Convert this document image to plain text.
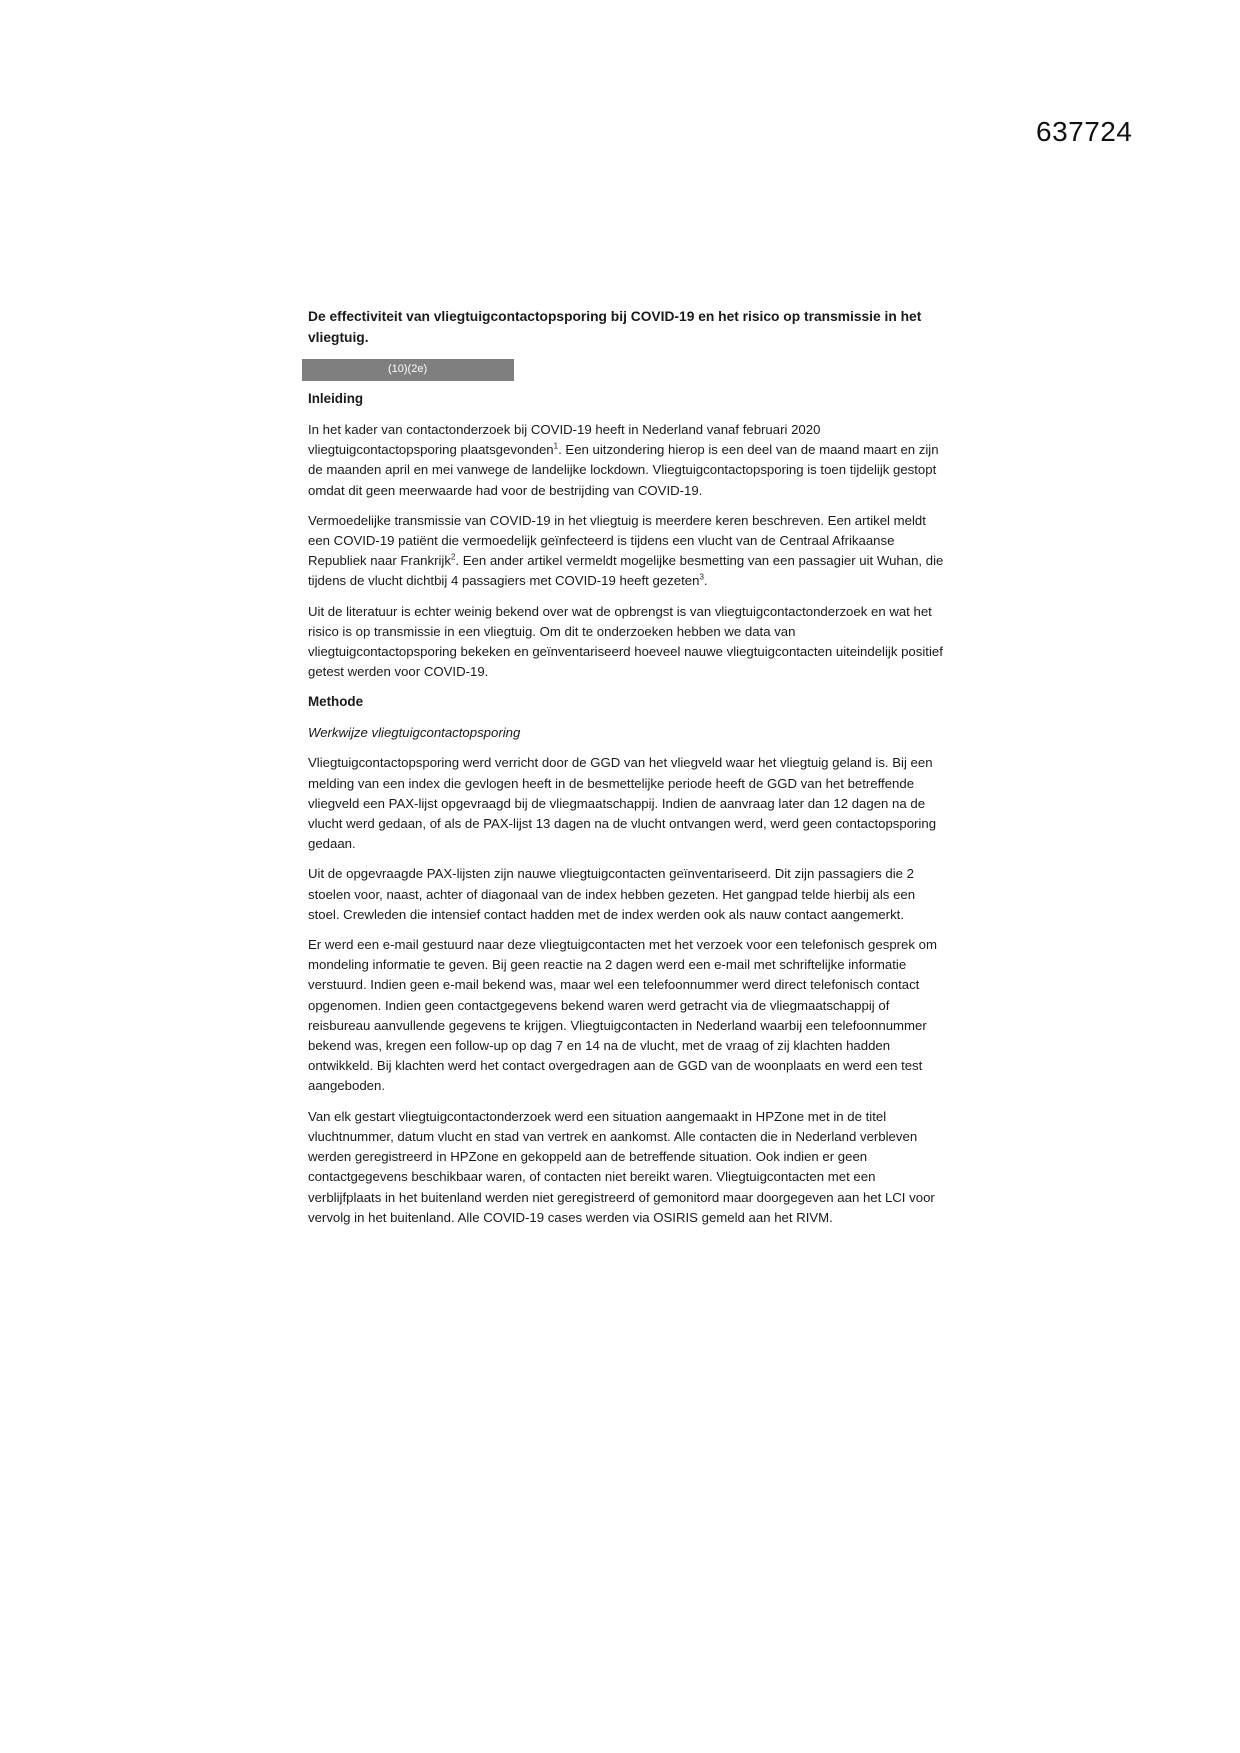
637724
De effectiviteit van vliegtuigcontactopsporing bij COVID-19 en het risico op transmissie in het vliegtuig.
(10)(2e)
Inleiding

In het kader van contactonderzoek bij COVID-19 heeft in Nederland vanaf februari 2020 vliegtuigcontactopsporing plaatsgevonden$^1$. Een uitzondering hierop is een deel van de maand maart en zijn de maanden april en mei vanwege de landelijke lockdown. Vliegtuigcontactopsporing is toen tijdelijk gestopt omdat dit geen meerwaarde had voor de bestrijding van COVID-19.

Vermoedelijke transmissie van COVID-19 in het vliegtuig is meerdere keren beschreven. Een artikel meldt een COVID-19 patiënt die vermoedelijk geïnfecteerd is tijdens een vlucht van de Centraal Afrikaanse Republiek naar Frankrijk$^2$. Een ander artikel vermeldt mogelijke besmetting van een passagier uit Wuhan, die tijdens de vlucht dichtbij 4 passagiers met COVID-19 heeft gezeten$^3$.

Uit de literatuur is echter weinig bekend over wat de opbrengst is van vliegtuigcontactonderzoek en wat het risico is op transmissie in een vliegtuig. Om dit te onderzoeken hebben we data van vliegtuigcontactopsporing bekeken en geïnventariseerd hoeveel nauwe vliegtuigcontacten uiteindelijk positief getest werden voor COVID-19.

Methode
Werkwijze vliegtuigcontactopsporing

Vliegtuigcontactopsporing werd verricht door de GGD van het vliegveld waar het vliegtuig geland is. Bij een melding van een index die gevlogen heeft in de besmettelijke periode heeft de GGD van het betreffende vliegveld een PAX-lijst opgevraagd bij de vliegmaatschappij. Indien de aanvraag later dan 12 dagen na de vlucht werd gedaan, of als de PAX-lijst 13 dagen na de vlucht ontvangen werd, werd geen contactopsporing gedaan.

Uit de opgevraagde PAX-lijsten zijn nauwe vliegtuigcontacten geïnventariseerd. Dit zijn passagiers die 2 stoelen voor, naast, achter of diagonaal van de index hebben gezeten. Het gangpad telde hierbij als een stoel. Crewleden die intensief contact hadden met de index werden ook als nauw contact aangemerkt.

Er werd een e-mail gestuurd naar deze vliegtuigcontacten met het verzoek voor een telefonisch gesprek om mondeling informatie te geven. Bij geen reactie na 2 dagen werd een e-mail met schriftelijke informatie verstuurd. Indien geen e-mail bekend was, maar wel een telefoonnummer werd direct telefonisch contact opgenomen. Indien geen contactgegevens bekend waren werd getracht via de vliegmaatschappij of reisbureau aanvullende gegevens te krijgen. Vliegtuigcontacten in Nederland waarbij een telefoonnummer bekend was, kregen een follow-up op dag 7 en 14 na de vlucht, met de vraag of zij klachten hadden ontwikkeld. Bij klachten werd het contact overgedragen aan de GGD van de woonplaats en werd een test aangeboden.

Van elk gestart vliegtuigcontactonderzoek werd een situation aangemaakt in HPZone met in de titel vluchtnummer, datum vlucht en stad van vertrek en aankomst. Alle contacten die in Nederland verbleven werden geregistreerd in HPZone en gekoppeld aan de betreffende situation. Ook indien er geen contactgegevens beschikbaar waren, of contacten niet bereikt waren. Vliegtuigcontacten met een verblijfplaats in het buitenland werden niet geregistreerd of gemonitord maar doorgegeven aan het LCI voor vervolg in het buitenland. Alle COVID-19 cases werden via OSIRIS gemeld aan het RIVM.
